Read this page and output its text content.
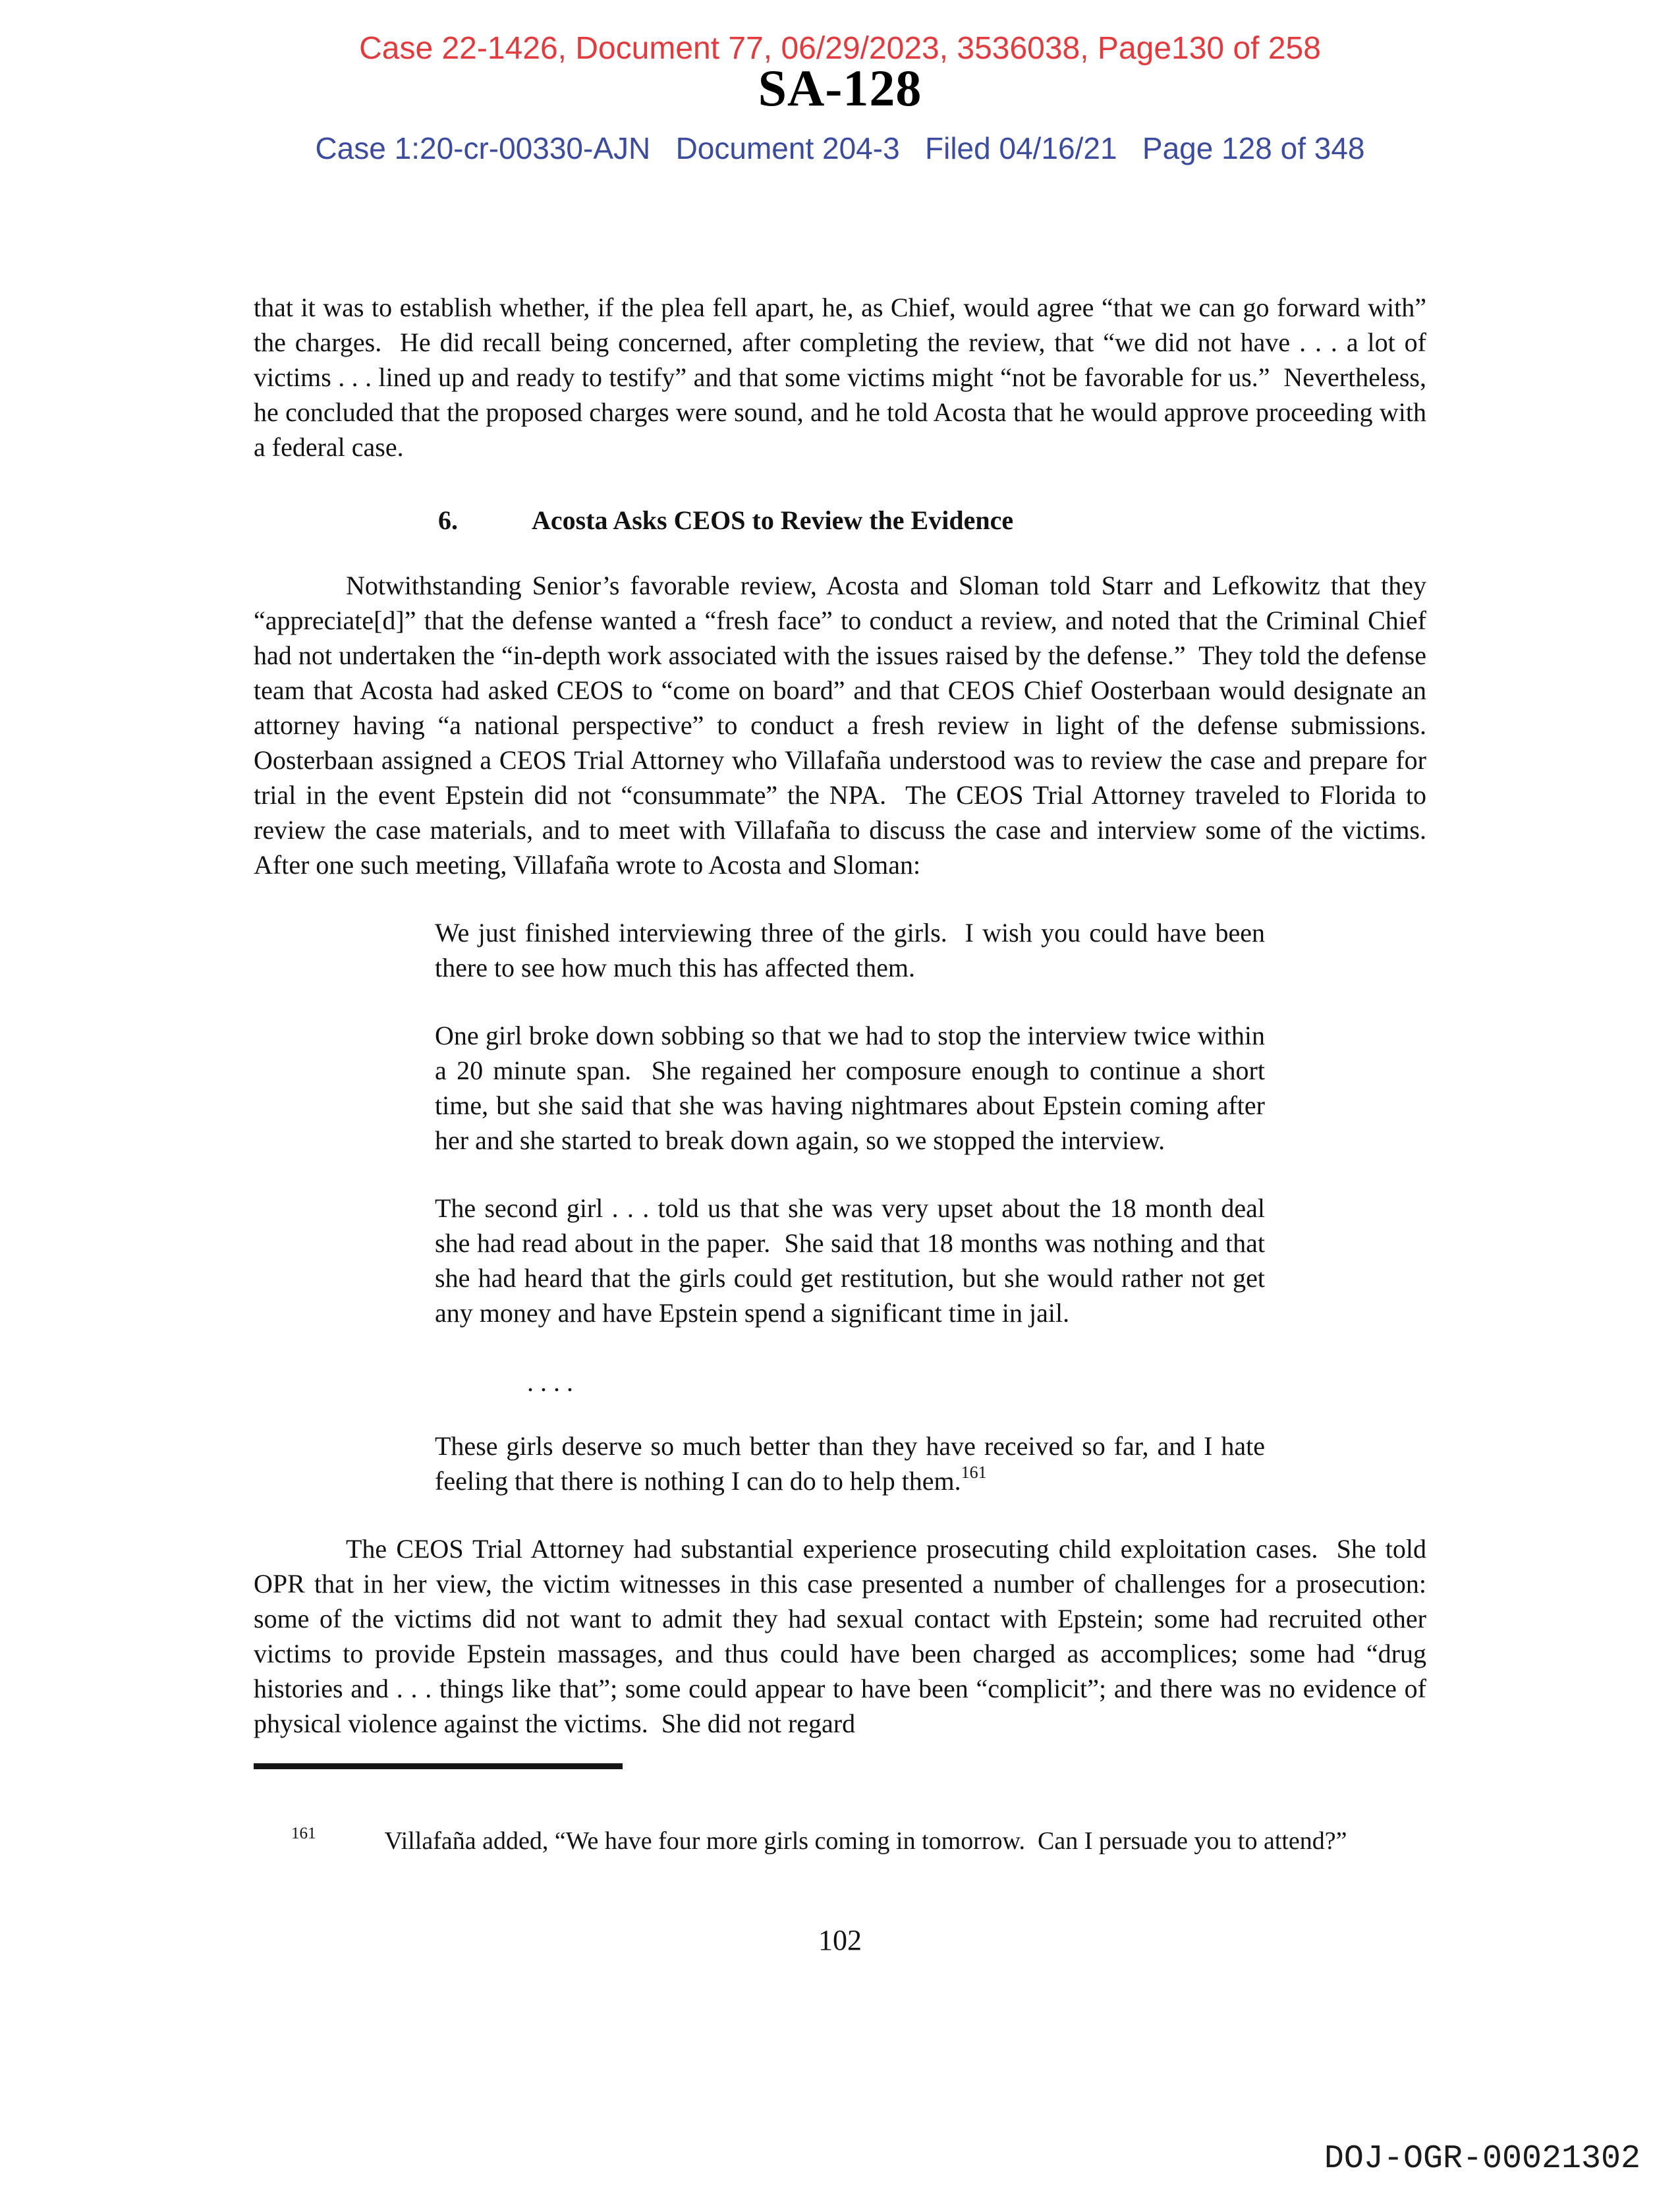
Case 22-1426, Document 77, 06/29/2023, 3536038, Page130 of 258
SA-128
Case 1:20-cr-00330-AJN   Document 204-3   Filed 04/16/21   Page 128 of 348

that it was to establish whether, if the plea fell apart, he, as Chief, would agree “that we can go forward with” the charges.  He did recall being concerned, after completing the review, that “we did not have . . . a lot of victims . . . lined up and ready to testify” and that some victims might “not be favorable for us.”  Nevertheless, he concluded that the proposed charges were sound, and he told Acosta that he would approve proceeding with a federal case.

6.	Acosta Asks CEOS to Review the Evidence

Notwithstanding Senior’s favorable review, Acosta and Sloman told Starr and Lefkowitz that they “appreciate[d]” that the defense wanted a “fresh face” to conduct a review, and noted that the Criminal Chief had not undertaken the “in-depth work associated with the issues raised by the defense.”  They told the defense team that Acosta had asked CEOS to “come on board” and that CEOS Chief Oosterbaan would designate an attorney having “a national perspective” to conduct a fresh review in light of the defense submissions.  Oosterbaan assigned a CEOS Trial Attorney who Villafaña understood was to review the case and prepare for trial in the event Epstein did not “consummate” the NPA.  The CEOS Trial Attorney traveled to Florida to review the case materials, and to meet with Villafaña to discuss the case and interview some of the victims.  After one such meeting, Villafaña wrote to Acosta and Sloman:

We just finished interviewing three of the girls.  I wish you could have been there to see how much this has affected them.

One girl broke down sobbing so that we had to stop the interview twice within a 20 minute span.  She regained her composure enough to continue a short time, but she said that she was having nightmares about Epstein coming after her and she started to break down again, so we stopped the interview.

The second girl . . . told us that she was very upset about the 18 month deal she had read about in the paper.  She said that 18 months was nothing and that she had heard that the girls could get restitution, but she would rather not get any money and have Epstein spend a significant time in jail.

. . . .

These girls deserve so much better than they have received so far, and I hate feeling that there is nothing I can do to help them.$^{161}$

The CEOS Trial Attorney had substantial experience prosecuting child exploitation cases.  She told OPR that in her view, the victim witnesses in this case presented a number of challenges for a prosecution:  some of the victims did not want to admit they had sexual contact with Epstein; some had recruited other victims to provide Epstein massages, and thus could have been charged as accomplices; some had “drug histories and . . . things like that”; some could appear to have been “complicit”; and there was no evidence of physical violence against the victims.  She did not regard

$^{161}$	Villafaña added, “We have four more girls coming in tomorrow.  Can I persuade you to attend?”

102
DOJ-OGR-00021302
